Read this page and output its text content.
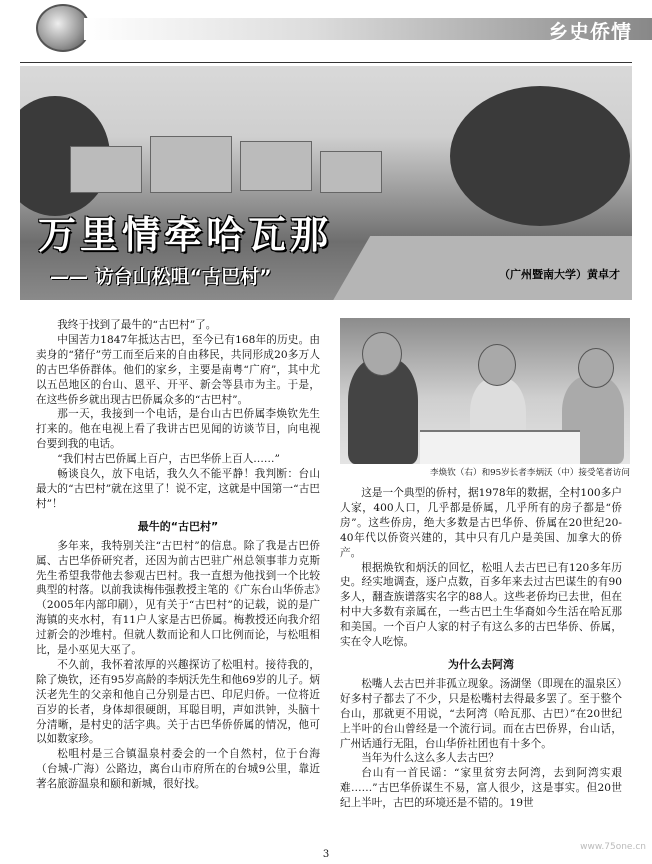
乡史侨情
万里情牵哈瓦那
—— 访台山松咀“古巴村”	（广州暨南大学）黄卓才

我终于找到了最牛的“古巴村”了。

中国苦力1847年抵达古巴，至今已有168年的历史。由卖身的“猪仔”劳工而至后来的自由移民，共同形成20多万人的古巴华侨群体。他们的家乡，主要是南粤“广府”，其中尤以五邑地区的台山、恩平、开平、新会等县市为主。于是，在这些侨乡就出现古巴侨属众多的“古巴村”。

那一天，我接到一个电话，是台山古巴侨属李焕钦先生打来的。他在电视上看了我讲古巴见闻的访谈节目，向电视台要到我的电话。

“我们村古巴侨属上百户，古巴华侨上百人……”

畅谈良久，放下电话，我久久不能平静！我判断：台山最大的“古巴村”就在这里了！说不定，这就是中国第一“古巴村”！

最牛的“古巴村”

多年来，我特别关注“古巴村”的信息。除了我是古巴侨属、古巴华侨研究者，还因为前古巴驻广州总领事菲力克斯先生希望我带他去参观古巴村。我一直想为他找到一个比较典型的村落。以前我读梅伟强教授主笔的《广东台山华侨志》（2005年内部印刷），见有关于“古巴村”的记载，说的是广海镇的夹水村，有11户人家是古巴侨属。梅教授还向我介绍过新会的沙堆村。但就人数而论和人口比例而论，与松咀相比，是小巫见大巫了。

不久前，我怀着浓厚的兴趣探访了松咀村。接待我的，除了焕钦，还有95岁高龄的李炳沃先生和他69岁的儿子。炳沃老先生的父亲和他自己分别是古巴、印尼归侨。一位将近百岁的长者，身体却很硬朗，耳聪目明，声如洪钟，头脑十分清晰，是村史的活字典。关于古巴华侨侨属的情况，他可以如数家珍。

松咀村是三合镇温泉村委会的一个自然村，位于台海（台城-广海）公路边，离台山市府所在的台城9公里，靠近著名旅游温泉和颐和新城，很好找。

李焕钦（右）和95岁长者李炳沃（中）接受笔者访问

这是一个典型的侨村，据1978年的数据，全村100多户人家，400人口，几乎都是侨属，几乎所有的房子都是“侨房”。这些侨房，绝大多数是古巴华侨、侨属在20世纪20-40年代以侨资兴建的，其中只有几户是美国、加拿大的侨产。

根据焕钦和炳沃的回忆，松咀人去古巴已有120多年历史。经实地调查，逐户点数，百多年来去过古巴谋生的有90多人，翻查族谱落实名字的88人。这些老侨均已去世，但在村中大多数有亲属在，一些古巴土生华裔如今生活在哈瓦那和美国。一个百户人家的村子有这么多的古巴华侨、侨属，实在令人吃惊。

为什么去阿湾

松嘴人去古巴并非孤立现象。汤湖堡（即现在的温泉区）好多村子都去了不少，只是松嘴村去得最多罢了。至于整个台山，那就更不用说，“去阿湾（哈瓦那、古巴）”在20世纪上半叶的台山曾经是一个流行词。而在古巴侨界，台山话，广州话通行无阻，台山华侨社团也有十多个。

当年为什么这么多人去古巴？

台山有一首民谣：“家里贫穷去阿湾，去到阿湾实艰难……”古巴华侨谋生不易，富人很少，这是事实。但20世纪上半叶，古巴的环境还是不错的。19世

3
www.75one.cn
